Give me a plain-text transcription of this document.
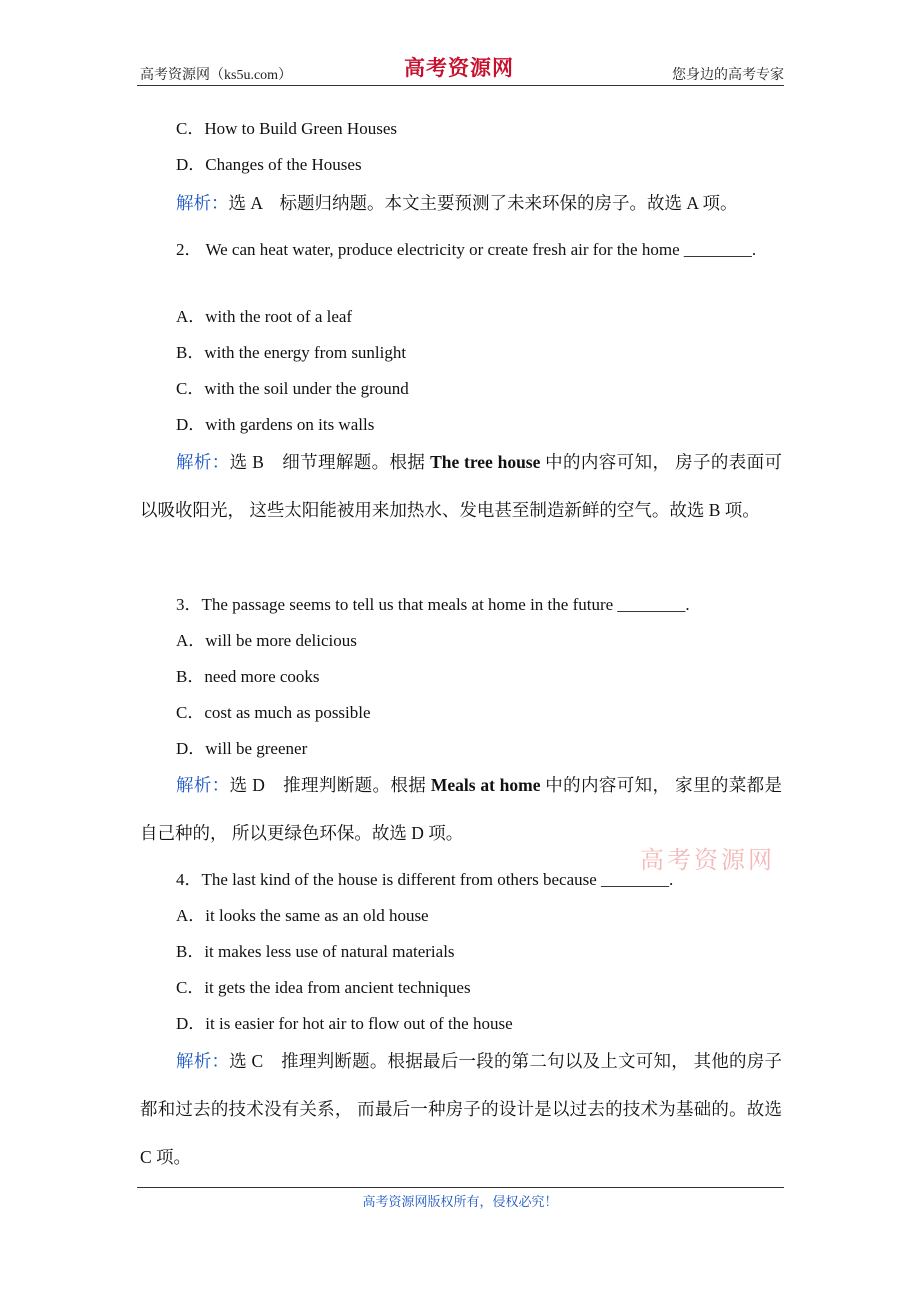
高考资源网（ks5u.com）	高考资源网	您身边的高考专家
C．How to Build Green Houses
D．Changes of the Houses
解析：选 A　标题归纳题。本文主要预测了未来环保的房子。故选 A 项。
2． We can heat water, produce electricity or create fresh air for the home ________.
A．with the root of a leaf
B．with the energy from sunlight
C．with the soil under the ground
D．with gardens on its walls
解析：选 B　细节理解题。根据 The tree house 中的内容可知， 房子的表面可以吸收阳光， 这些太阳能被用来加热水、发电甚至制造新鲜的空气。故选 B 项。
3．The passage seems to tell us that meals at home in the future ________.
A．will be more delicious
B．need more cooks
C．cost as much as possible
D．will be greener
解析：选 D　推理判断题。根据 Meals at home 中的内容可知， 家里的菜都是自己种的， 所以更绿色环保。故选 D 项。
高考资源网
4．The last kind of the house is different from others because ________.
A．it looks the same as an old house
B．it makes less use of natural materials
C．it gets the idea from ancient techniques
D．it is easier for hot air to flow out of the house
解析：选 C　推理判断题。根据最后一段的第二句以及上文可知， 其他的房子都和过去的技术没有关系， 而最后一种房子的设计是以过去的技术为基础的。故选 C 项。
高考资源网版权所有，侵权必究！
